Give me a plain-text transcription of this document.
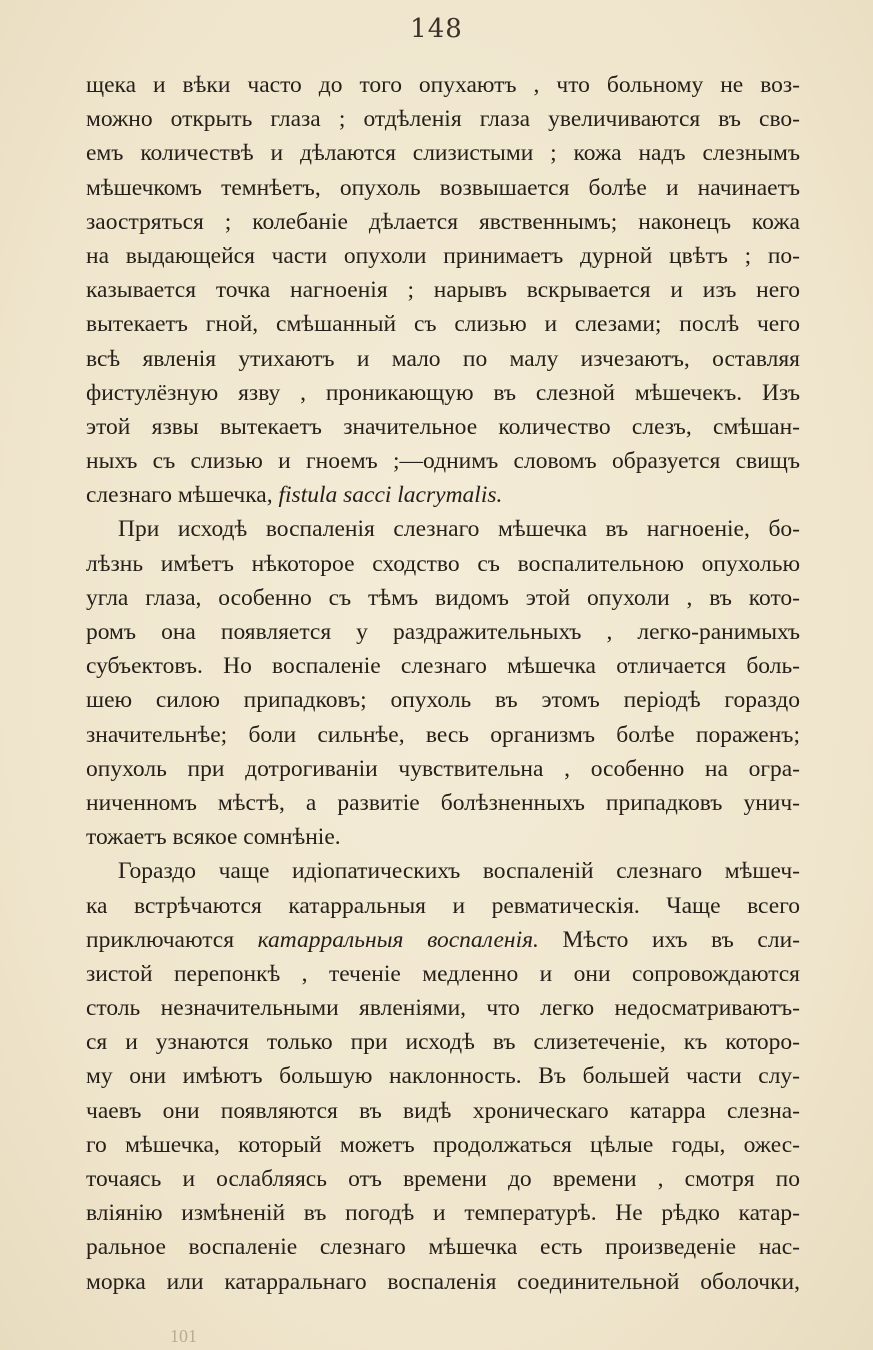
148
щека и вѣки часто до того опухаютъ , что больному не воз-
можно открыть глаза ; отдѣленія глаза увеличиваются въ сво-
емъ количествѣ и дѣлаются слизистыми ; кожа надъ слезнымъ
мѣшечкомъ темнѣетъ, опухоль возвышается болѣе и начинаетъ
заостряться ; колебаніе дѣлается явственнымъ; наконецъ кожа
на выдающейся части опухоли принимаетъ дурной цвѣтъ ; по-
казывается точка нагноенія ; нарывъ вскрывается и изъ него
вытекаетъ гной, смѣшанный съ слизью и слезами; послѣ чего
всѣ явленія утихаютъ и мало по малу изчезаютъ, оставляя
фистулёзную язву , проникающую въ слезной мѣшечекъ. Изъ
этой язвы вытекаетъ значительное количество слезъ, смѣшан-
ныхъ съ слизью и гноемъ ;—однимъ словомъ образуется свищъ
слезнаго мѣшечка, fistula sacci lacrymalis.
При исходѣ воспаленія слезнаго мѣшечка въ нагноеніе, бо-
лѣзнь имѣетъ нѣкоторое сходство съ воспалительною опухолью
угла глаза, особенно съ тѣмъ видомъ этой опухоли , въ кото-
ромъ она появляется у раздражительныхъ , легко-ранимыхъ
субъектовъ. Но воспаленіе слезнаго мѣшечка отличается боль-
шею силою припадковъ; опухоль въ этомъ періодѣ гораздо
значительнѣе; боли сильнѣе, весь организмъ болѣе пораженъ;
опухоль при дотрогиваніи чувствительна , особенно на огра-
ниченномъ мѣстѣ, а развитіе болѣзненныхъ припадковъ унич-
тожаетъ всякое сомнѣніе.
Гораздо чаще идіопатическихъ воспаленій слезнаго мѣшеч-
ка встрѣчаются катарральныя и ревматическія. Чаще всего
приключаются катарральныя воспаленія. Мѣсто ихъ въ сли-
зистой перепонкѣ , теченіе медленно и они сопровождаются
столь незначительными явленіями, что легко недосматриваютъ-
ся и узнаются только при исходѣ въ слизетеченіе, къ которо-
му они имѣютъ большую наклонность. Въ большей части слу-
чаевъ они появляются въ видѣ хроническаго катарра слезна-
го мѣшечка, который можетъ продолжаться цѣлые годы, ожес-
точаясь и ослабляясь отъ времени до времени , смотря по
вліянію измѣненій въ погодѣ и температурѣ. Не рѣдко катар-
ральное воспаленіе слезнаго мѣшечка есть произведеніе нас-
морка или катарральнаго воспаленія соединительной оболочки,
101
